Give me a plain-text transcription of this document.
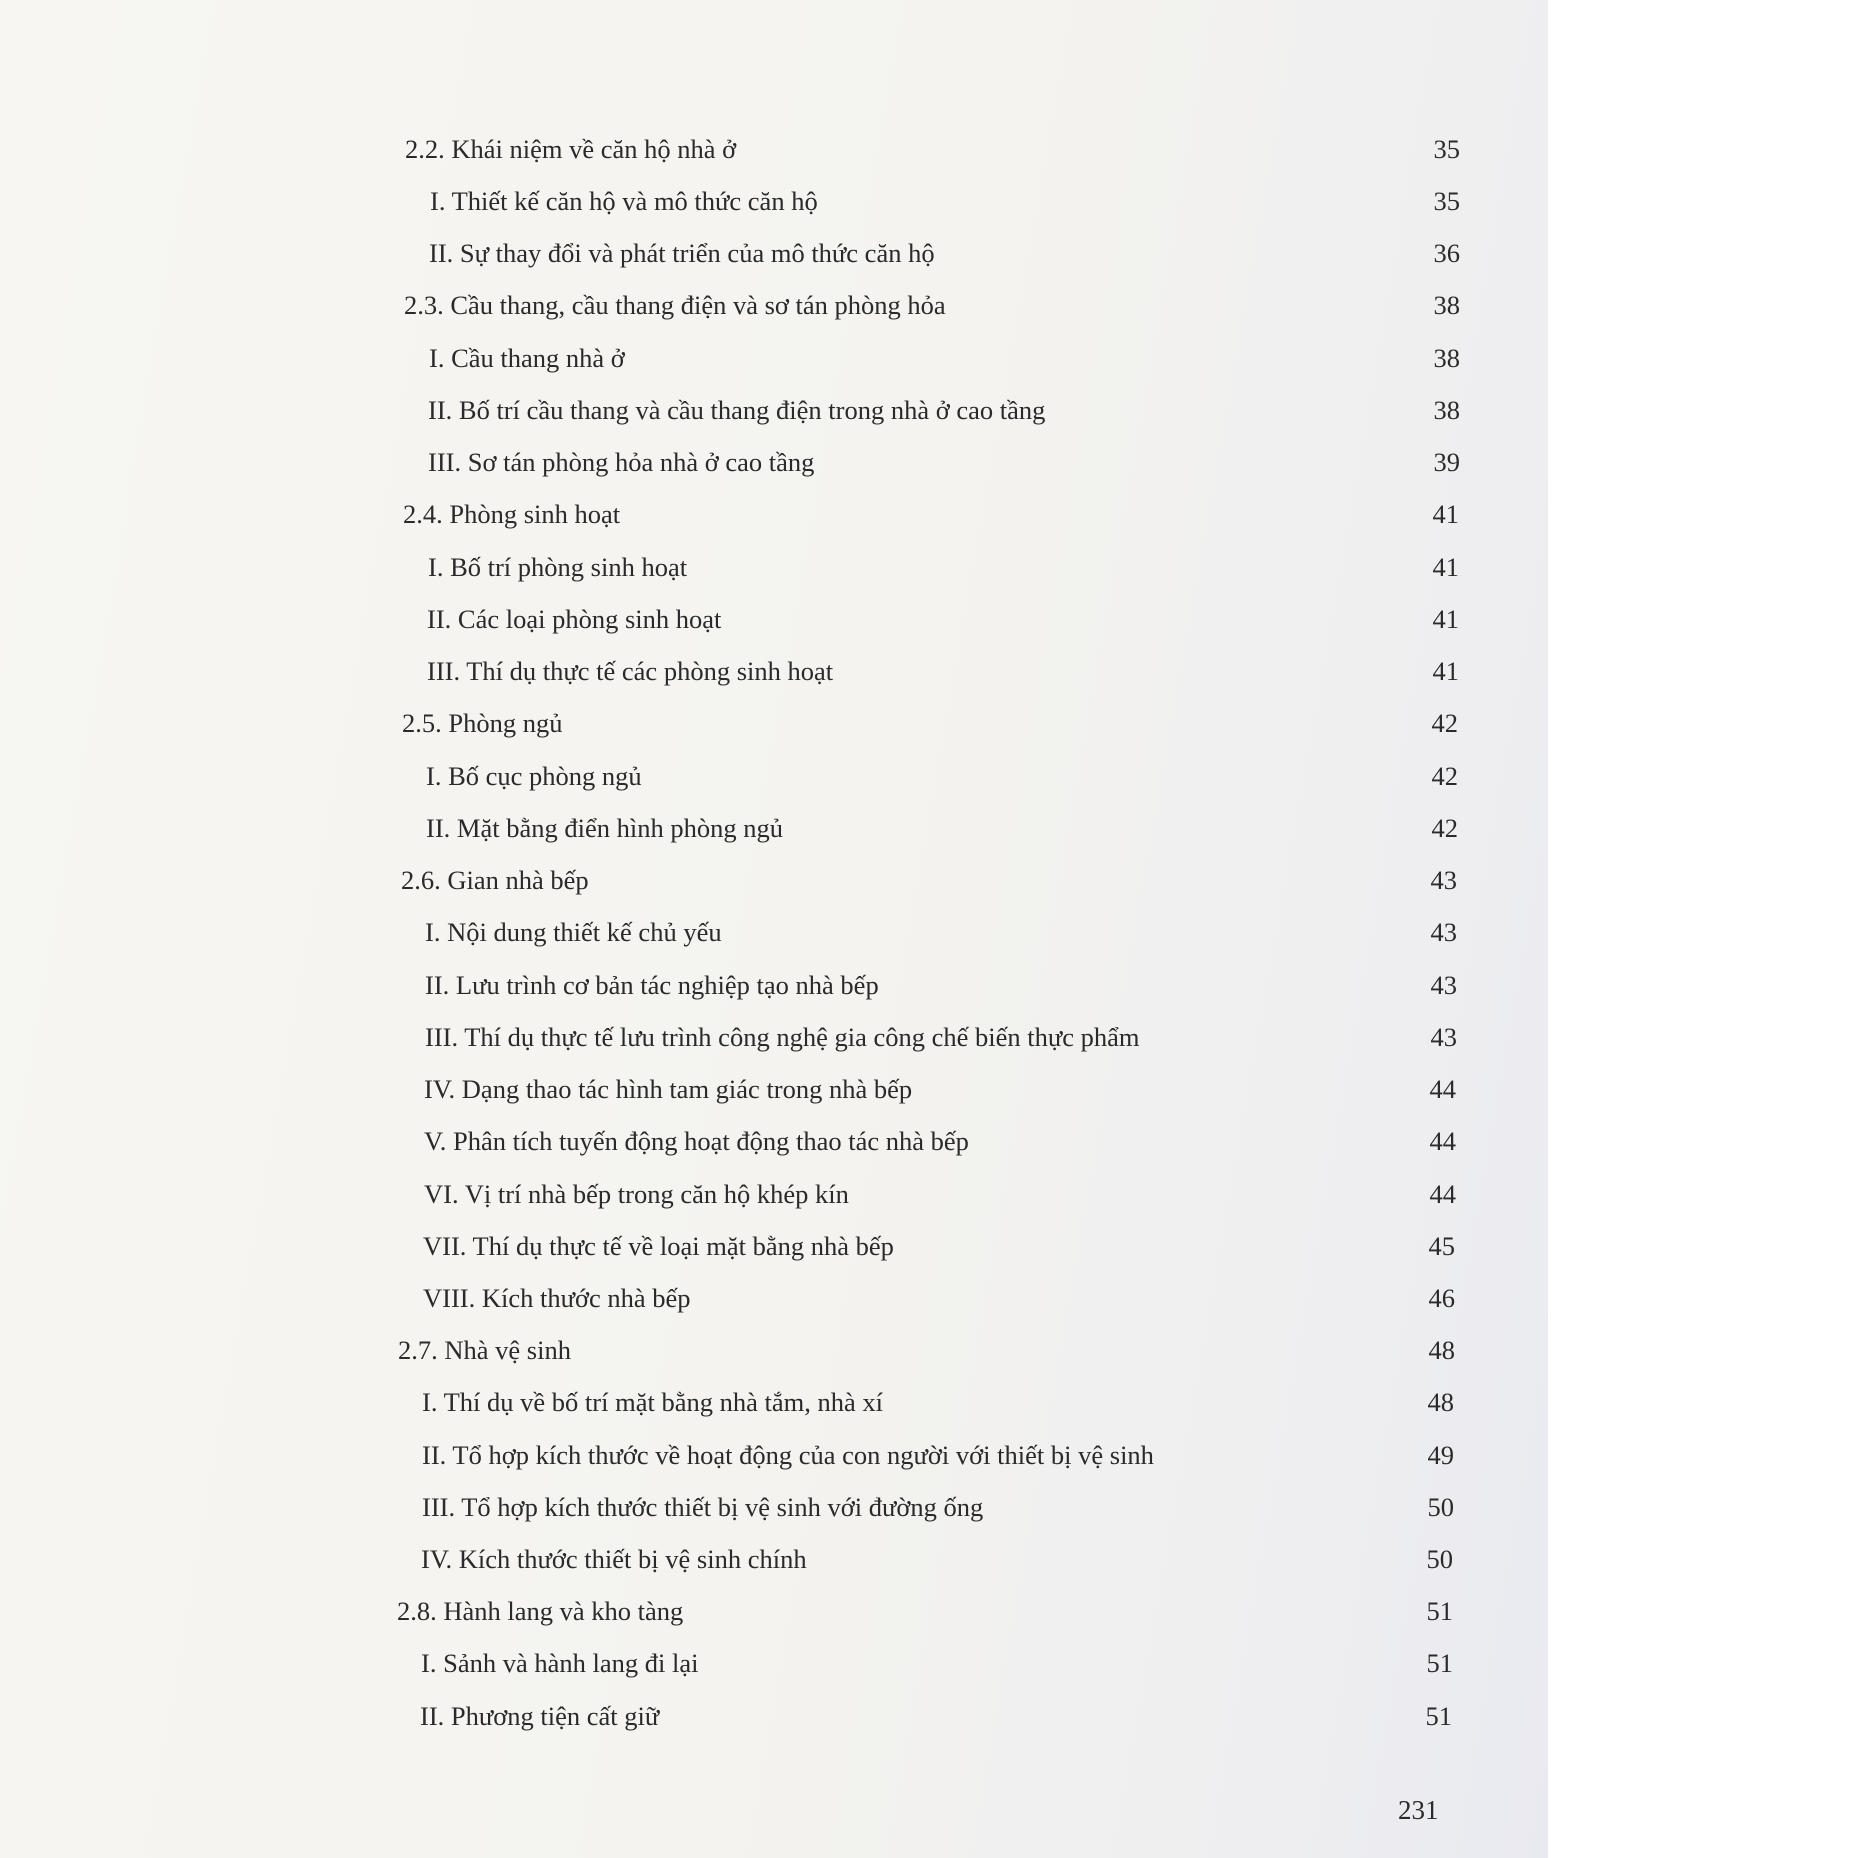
2.2. Khái niệm về căn hộ nhà ở	35
I. Thiết kế căn hộ và mô thức căn hộ	35
II. Sự thay đổi và phát triển của mô thức căn hộ	36
2.3. Cầu thang, cầu thang điện và sơ tán phòng hỏa	38
I. Cầu thang nhà ở	38
II. Bố trí cầu thang và cầu thang điện trong nhà ở cao tầng	38
III. Sơ tán phòng hỏa nhà ở cao tầng	39
2.4. Phòng sinh hoạt	41
I. Bố trí phòng sinh hoạt	41
II. Các loại phòng sinh hoạt	41
III. Thí dụ thực tế các phòng sinh hoạt	41
2.5. Phòng ngủ	42
I. Bố cục phòng ngủ	42
II. Mặt bằng điển hình phòng ngủ	42
2.6. Gian nhà bếp	43
I. Nội dung thiết kế chủ yếu	43
II. Lưu trình cơ bản tác nghiệp tạo nhà bếp	43
III. Thí dụ thực tế lưu trình công nghệ gia công chế biến thực phẩm	43
IV. Dạng thao tác hình tam giác trong nhà bếp	44
V. Phân tích tuyến động hoạt động thao tác nhà bếp	44
VI. Vị trí nhà bếp trong căn hộ khép kín	44
VII. Thí dụ thực tế về loại mặt bằng nhà bếp	45
VIII. Kích thước nhà bếp	46
2.7. Nhà vệ sinh	48
I. Thí dụ về bố trí mặt bằng nhà tắm, nhà xí	48
II. Tổ hợp kích thước về hoạt động của con người với thiết bị vệ sinh	49
III. Tổ hợp kích thước thiết bị vệ sinh với đường ống	50
IV. Kích thước thiết bị vệ sinh chính	50
2.8. Hành lang và kho tàng	51
I. Sảnh và hành lang đi lại	51
II. Phương tiện cất giữ	51
231
